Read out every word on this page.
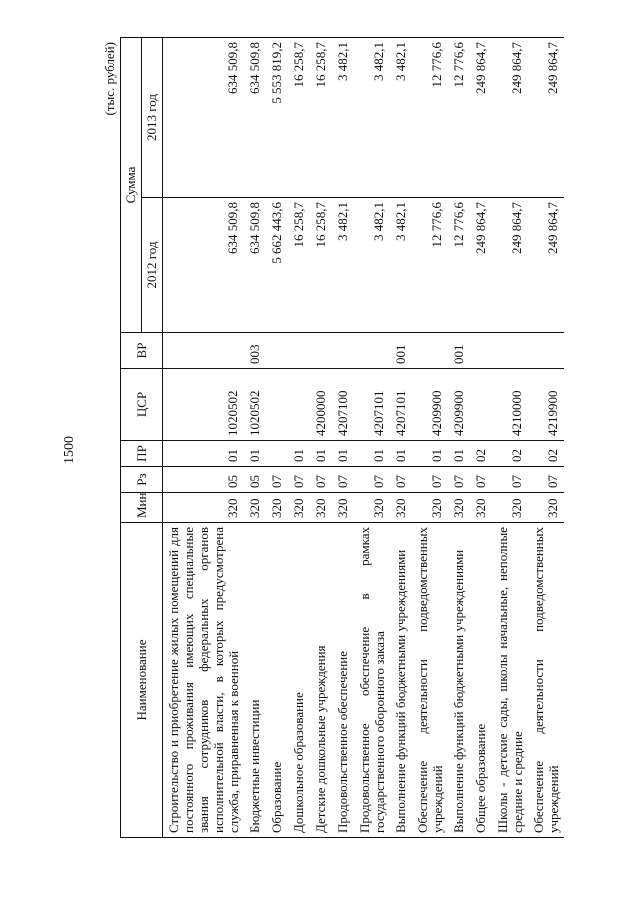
1500
(тыс. рублей)
Наименование	Мин	Рз	ПР	ЦСР	ВР	Сумма	
						2012 год	2013 год
Строительство и приобретение жилых помещений для постоянного проживания имеющих специальные звания сотрудников федеральных органов исполнительной власти, в которых предусмотрена служба, приравненная к военной	320	05	01	1020502		634 509,8	634 509,8
Бюджетные инвестиции	320	05	01	1020502	003	634 509,8	634 509,8
Образование	320	07				5 662 443,6	5 553 819,2
Дошкольное образование	320	07	01			16 258,7	16 258,7
Детские дошкольные учреждения	320	07	01	4200000		16 258,7	16 258,7
Продовольственное обеспечение	320	07	01	4207100		3 482,1	3 482,1
Продовольственное обеспечение в рамках государственного оборонного заказа	320	07	01	4207101		3 482,1	3 482,1
Выполнение функций бюджетными учреждениями	320	07	01	4207101	001	3 482,1	3 482,1
Обеспечение деятельности подведомственных учреждений	320	07	01	4209900		12 776,6	12 776,6
Выполнение функций бюджетными учреждениями	320	07	01	4209900	001	12 776,6	12 776,6
Общее образование	320	07	02			249 864,7	249 864,7
Школы - детские сады, школы начальные, неполные средние и средние	320	07	02	4210000		249 864,7	249 864,7
Обеспечение деятельности подведомственных учреждений	320	07	02	4219900		249 864,7	249 864,7
